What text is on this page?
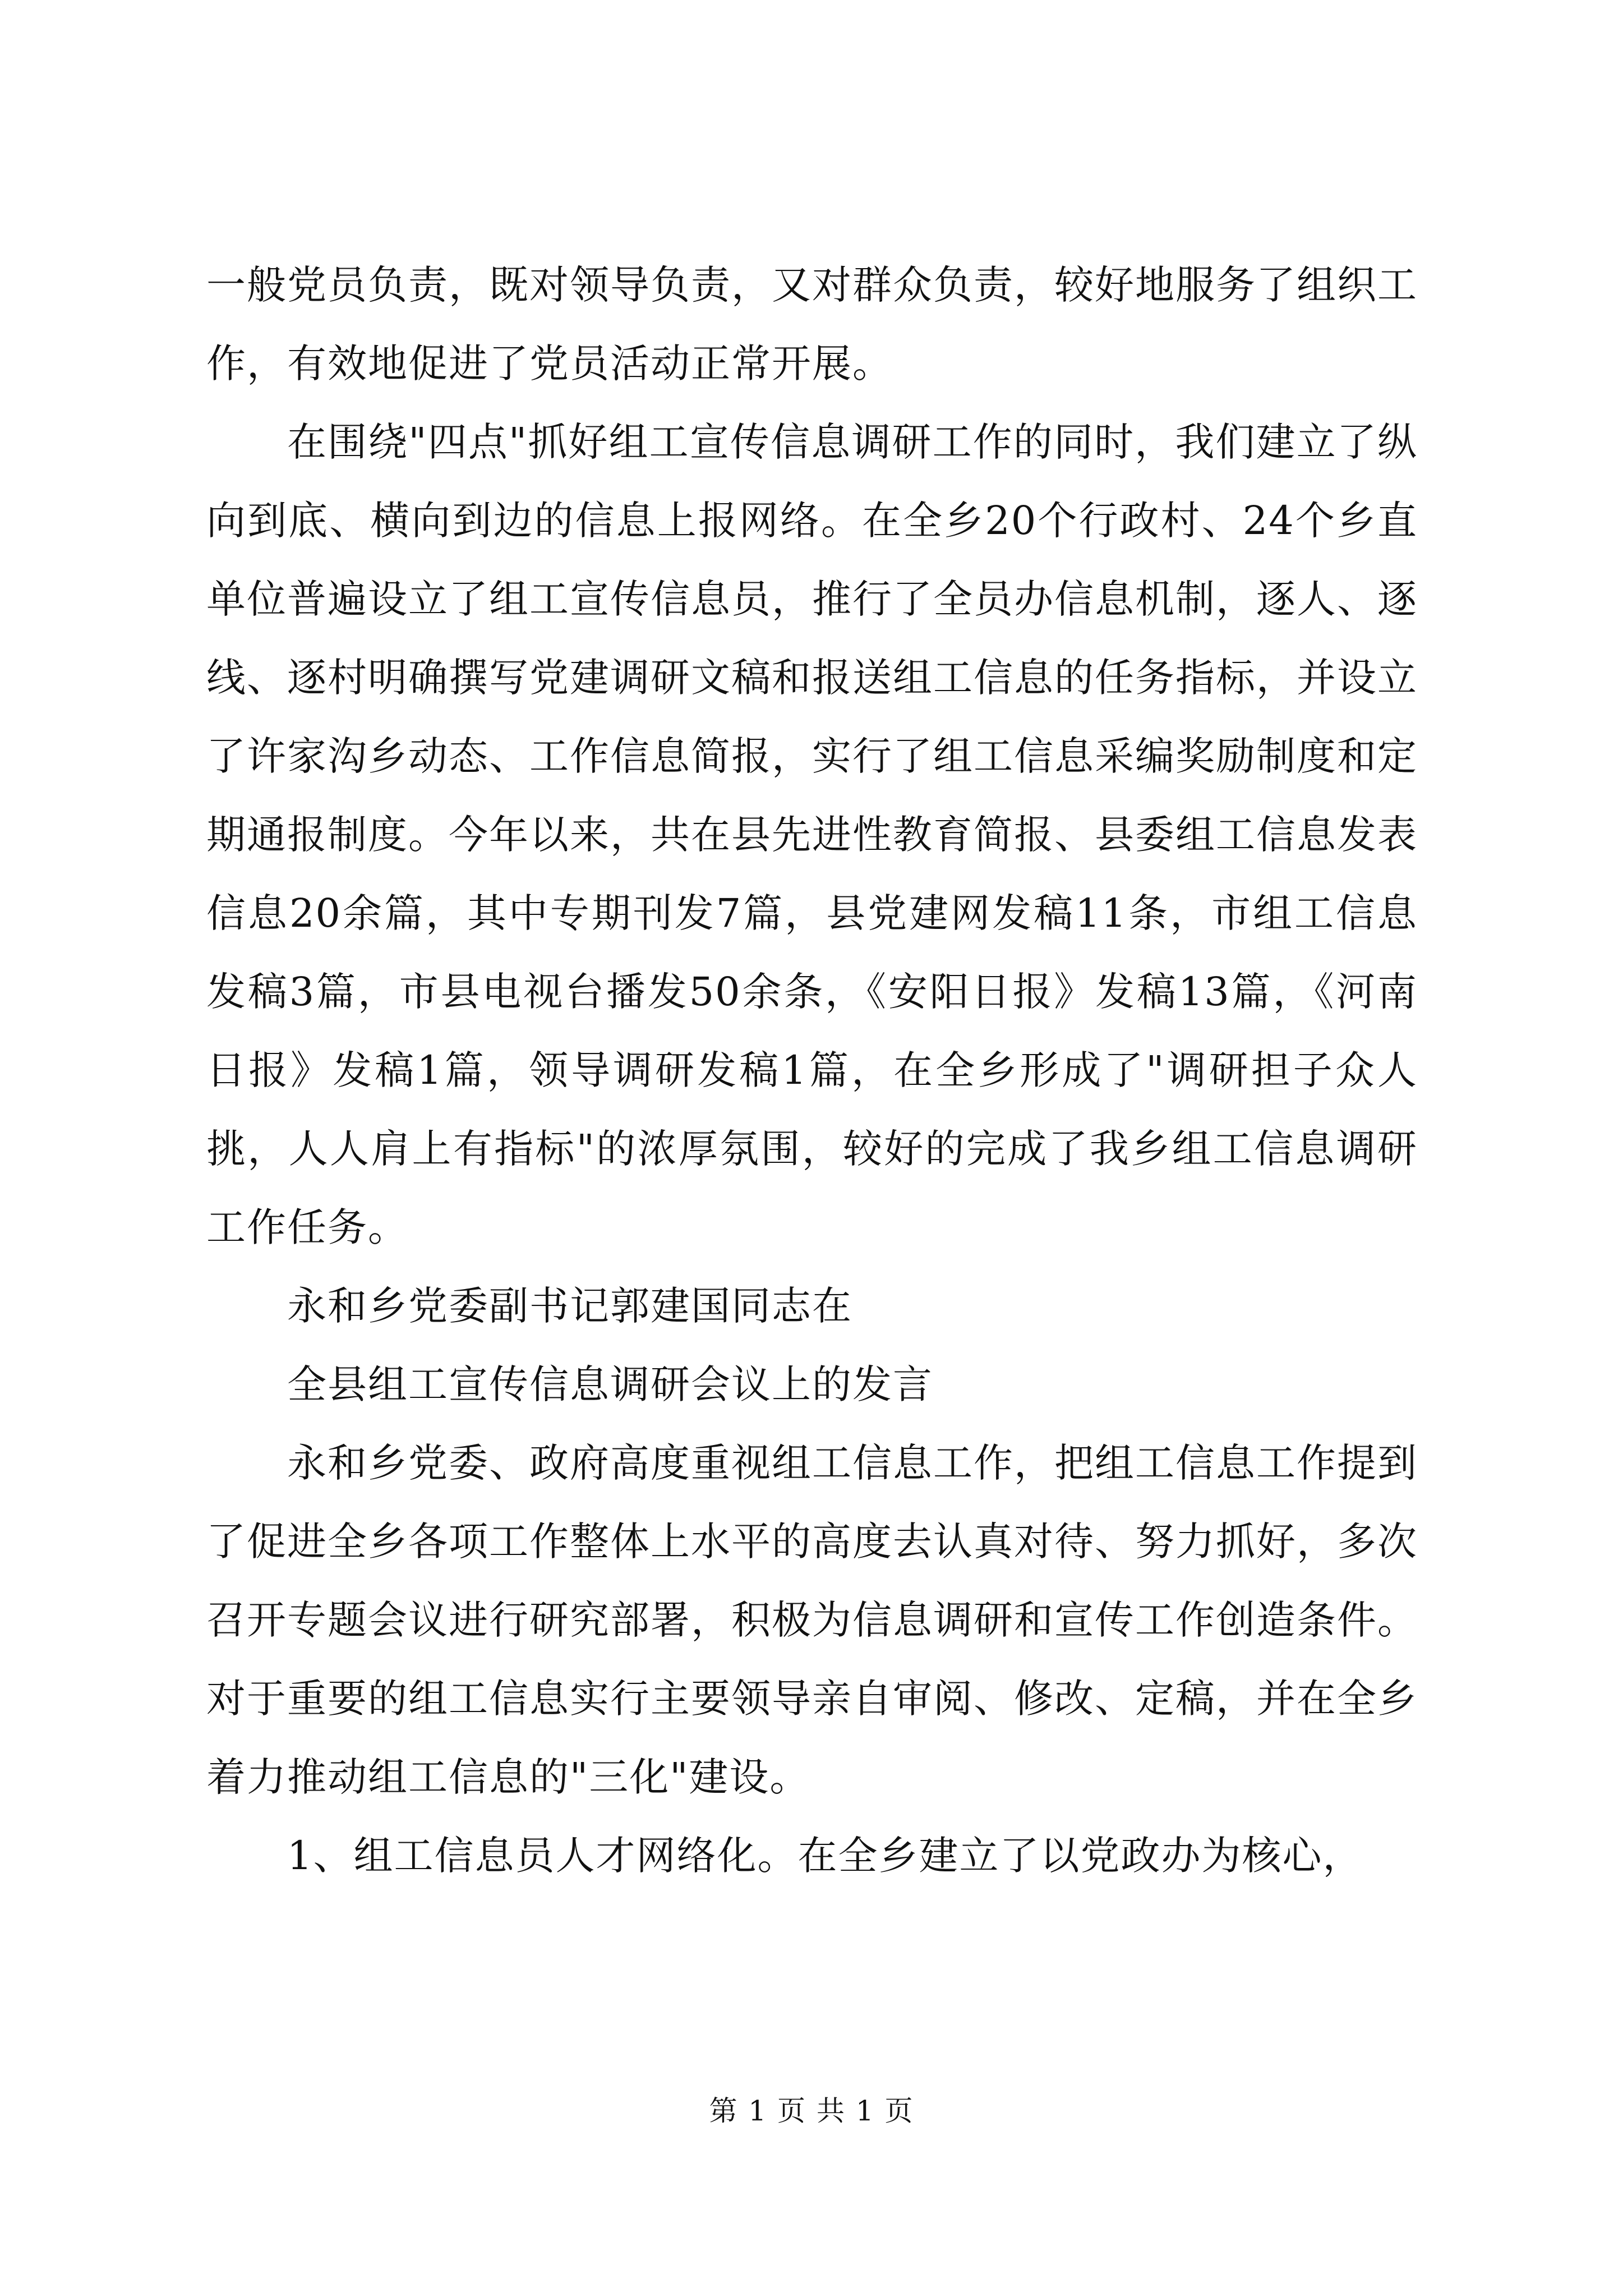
一般党员负责，既对领导负责，又对群众负责，较好地服务了组织工作，有效地促进了党员活动正常开展。

在围绕"四点"抓好组工宣传信息调研工作的同时，我们建立了纵向到底、横向到边的信息上报网络。在全乡20个行政村、24个乡直单位普遍设立了组工宣传信息员，推行了全员办信息机制，逐人、逐线、逐村明确撰写党建调研文稿和报送组工信息的任务指标，并设立了许家沟乡动态、工作信息简报，实行了组工信息采编奖励制度和定期通报制度。今年以来，共在县先进性教育简报、县委组工信息发表信息20余篇，其中专期刊发7篇，县党建网发稿11条，市组工信息发稿3篇，市县电视台播发50余条，《安阳日报》发稿13篇，《河南日报》发稿1篇，领导调研发稿1篇，在全乡形成了"调研担子众人挑，人人肩上有指标"的浓厚氛围，较好的完成了我乡组工信息调研工作任务。

永和乡党委副书记郭建国同志在

全县组工宣传信息调研会议上的发言

永和乡党委、政府高度重视组工信息工作，把组工信息工作提到了促进全乡各项工作整体上水平的高度去认真对待、努力抓好，多次召开专题会议进行研究部署，积极为信息调研和宣传工作创造条件。对于重要的组工信息实行主要领导亲自审阅、修改、定稿，并在全乡着力推动组工信息的"三化"建设。

1、组工信息员人才网络化。在全乡建立了以党政办为核心，

第 1 页 共 1 页
